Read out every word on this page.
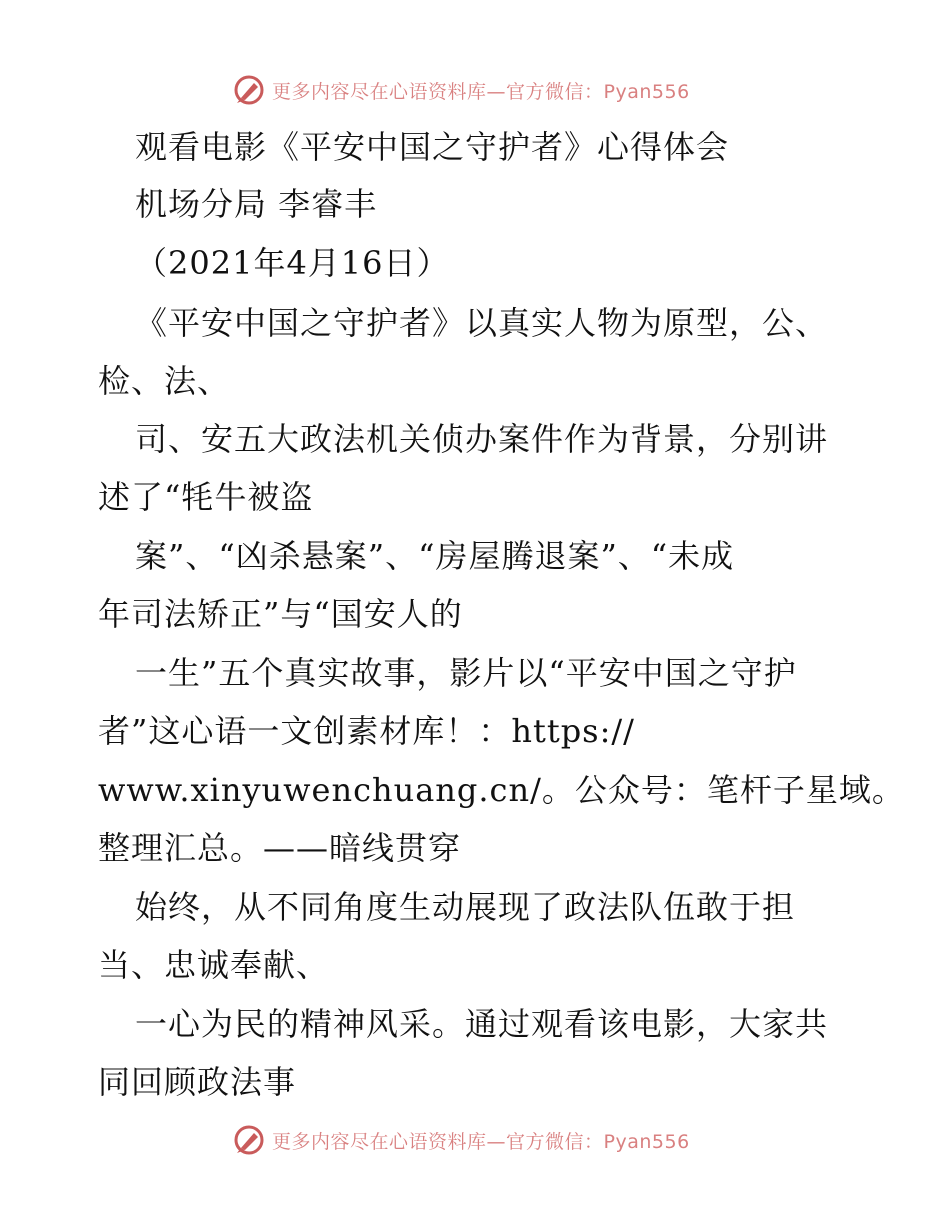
更多内容尽在心语资料库—官方微信：Pyan556
观看电影《平安中国之守护者》心得体会
机场分局 李睿丰
（2021年4月16日）
《平安中国之守护者》以真实人物为原型，公、
检、法、
司、安五大政法机关侦办案件作为背景，分别讲
述了“牦牛被盗
案”、“凶杀悬案”、“房屋腾退案”、“未成
年司法矫正”与“国安人的
一生”五个真实故事，影片以“平安中国之守护
者”这心语一文创素材库！：https://
www.xinyuwenchuang.cn/。公众号：笔杆子星域。
整理汇总。——暗线贯穿
始终，从不同角度生动展现了政法队伍敢于担
当、忠诚奉献、
一心为民的精神风采。通过观看该电影，大家共
同回顾政法事
更多内容尽在心语资料库—官方微信：Pyan556
